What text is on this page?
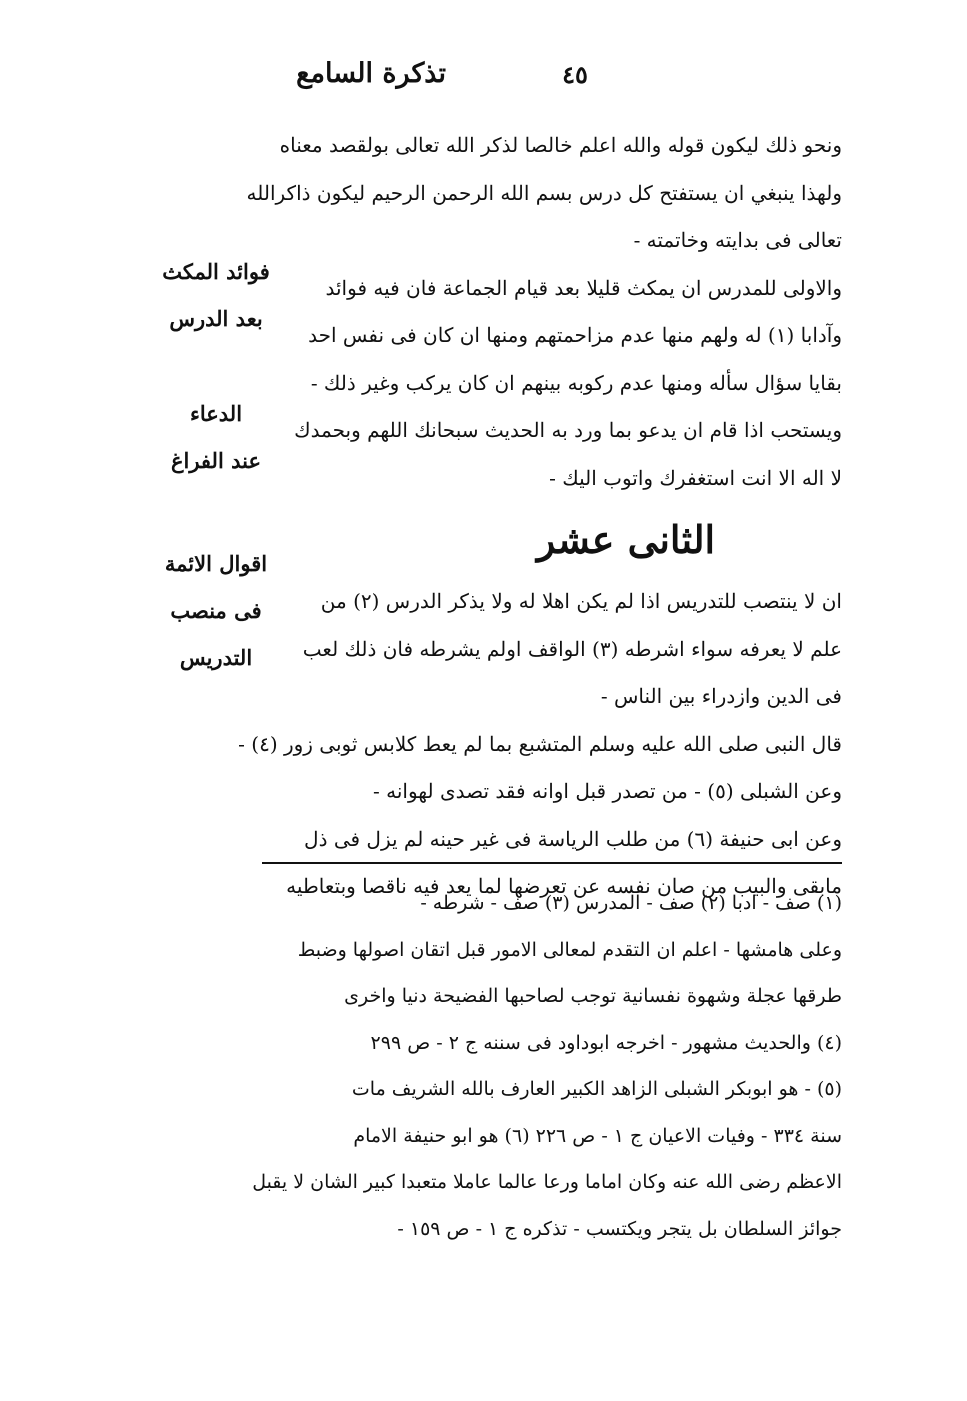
تذكرة السامع	٤٥
ونحو ذلك ليكون قوله والله اعلم خالصا لذكر الله تعالى بولقصد معناه
ولهذا ينبغي ان يستفتح كل درس بسم الله الرحمن الرحيم ليكون ذاكرالله
تعالى فى بدايته وخاتمته ‐
والاولى للمدرس ان يمكث قليلا بعد قيام الجماعة فان فيه فوائد
وآدابا (١) له ولهم منها عدم مزاحمتهم ومنها ان كان فى نفس احد
بقايا سؤال سأله ومنها عدم ركوبه بينهم ان كان يركب وغير ذلك ‐
ويستحب اذا قام ان يدعو بما ورد به الحديث سبحانك اللهم وبحمدك
لا اله الا انت استغفرك واتوب اليك ‐
الثانى عشر
ان لا ينتصب للتدريس اذا لم يكن اهلا له ولا يذكر الدرس (٢) من
علم لا يعرفه سواء اشرطه (٣) الواقف اولم يشرطه فان ذلك لعب
فى الدين وازدراء بين الناس ‐
قال النبى صلى الله عليه وسلم المتشبع بما لم يعط كلابس ثوبى زور (٤) ‐
وعن الشبلى (٥) ‐ من تصدر قبل اوانه فقد تصدى لهوانه ‐
وعن ابى حنيفة (٦) من طلب الرياسة فى غير حينه لم يزل فى ذل
مابقى والبيب من صان نفسه عن تعرضها لما يعد فيه ناقصا وبتعاطيه
فوائد المكث
بعد الدرس
الدعاء
عند الفراغ
اقوال الائمة
فى منصب
التدريس
(١) صف ‐ ادبا (٢) صف ‐ المدرس (٣) صف ‐ شرطه ‐
وعلى هامشها ‐ اعلم ان التقدم لمعالى الامور قبل اتقان اصولها وضبط
طرقها عجلة وشهوة نفسانية توجب لصاحبها الفضيحة دنيا واخرى
(٤) والحديث مشهور ‐ اخرجه ابوداود فى سننه ج ٢ ‐ ص ٢٩٩
(٥) ‐ هو ابوبكر الشبلى الزاهد الكبير العارف بالله الشريف مات
سنة ٣٣٤ ‐ وفيات الاعيان ج ١ ‐ ص ٢٢٦ (٦) هو ابو حنيفة الامام
الاعظم رضى الله عنه وكان اماما ورعا عالما عاملا متعبدا كبير الشان لا يقبل
جوائز السلطان بل يتجر ويكتسب ‐ تذكره ج ١ ‐ ص ١٥٩ ‐
